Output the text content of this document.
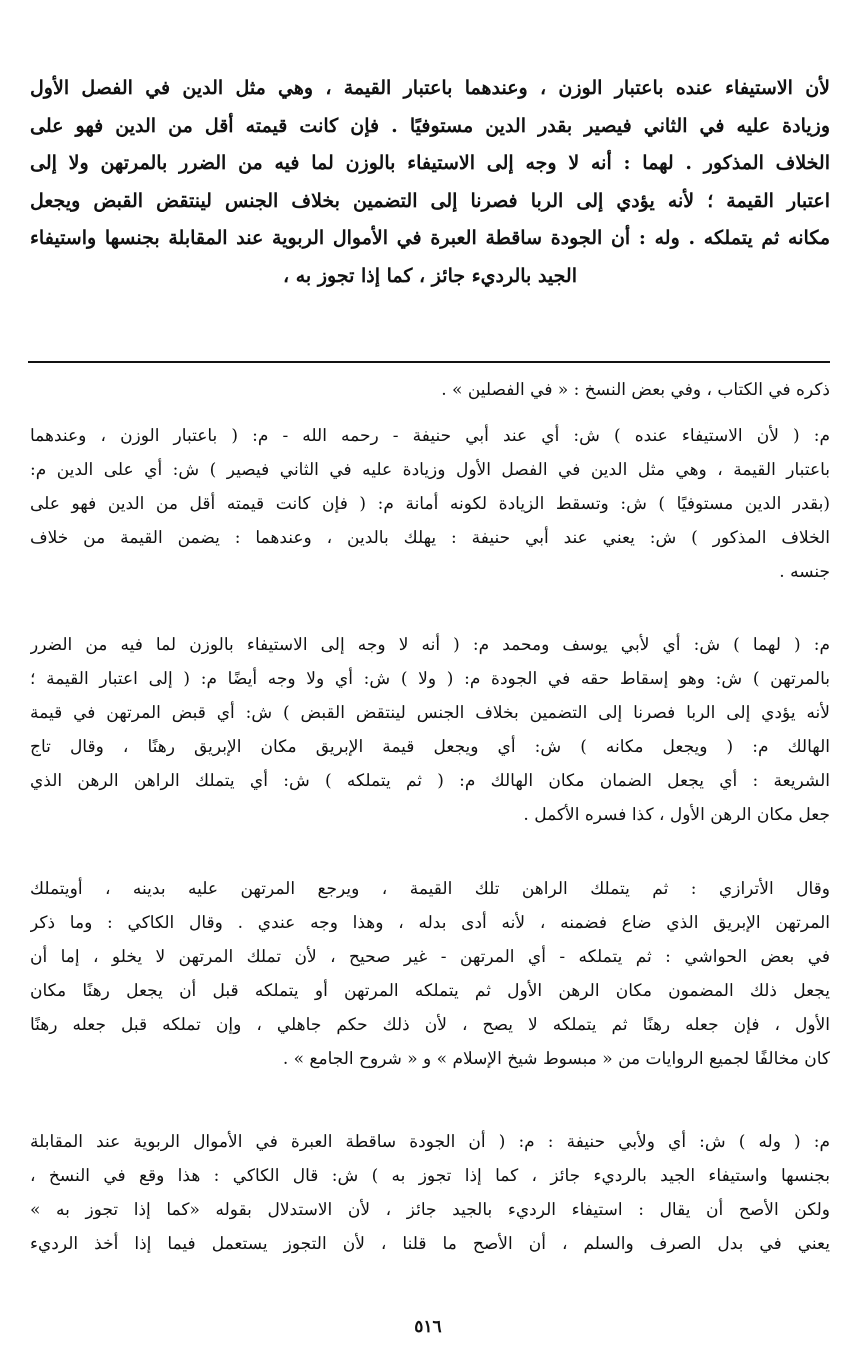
لأن الاستيفاء عنده باعتبار الوزن ، وعندهما باعتبار القيمة ، وهي مثل الدين في الفصل الأول
وزيادة عليه في الثاني فيصير بقدر الدين مستوفيًا . فإن كانت قيمته أقل من الدين فهو على
الخلاف المذكور . لهما : أنه لا وجه إلى الاستيفاء بالوزن لما فيه من الضرر بالمرتهن ولا إلى
اعتبار القيمة ؛ لأنه يؤدي إلى الربا فصرنا إلى التضمين بخلاف الجنس لينتقض القبض ويجعل
مكانه ثم يتملكه . وله : أن الجودة ساقطة العبرة في الأموال الربوية عند المقابلة بجنسها واستيفاء
الجيد بالرديء جائز ، كما إذا تجوز به ،
ذكره في الكتاب ، وفي بعض النسخ : « في الفصلين » .
م: ( لأن الاستيفاء عنده ) ش: أي عند أبي حنيفة - رحمه الله - م: ( باعتبار الوزن ، وعندهما
باعتبار القيمة ، وهي مثل الدين في الفصل الأول وزيادة عليه في الثاني فيصير ) ش: أي على الدين م:
(بقدر الدين مستوفيًا ) ش: وتسقط الزيادة لكونه أمانة م: ( فإن كانت قيمته أقل من الدين فهو على
الخلاف المذكور ) ش: يعني عند أبي حنيفة : يهلك بالدين ، وعندهما : يضمن القيمة من خلاف
جنسه .
م: ( لهما ) ش: أي لأبي يوسف ومحمد م: ( أنه لا وجه إلى الاستيفاء بالوزن لما فيه من الضرر
بالمرتهن ) ش: وهو إسقاط حقه في الجودة م: ( ولا ) ش: أي ولا وجه أيضًا م: ( إلى اعتبار القيمة ؛
لأنه يؤدي إلى الربا فصرنا إلى التضمين بخلاف الجنس لينتقض القبض ) ش: أي قبض المرتهن في قيمة
الهالك م: ( ويجعل مكانه ) ش: أي ويجعل قيمة الإبريق مكان الإبريق رهنًا ، وقال تاج
الشريعة : أي يجعل الضمان مكان الهالك م: ( ثم يتملكه ) ش: أي يتملك الراهن الرهن الذي
جعل مكان الرهن الأول ، كذا فسره الأكمل .
وقال الأترازي : ثم يتملك الراهن تلك القيمة ، ويرجع المرتهن عليه بدينه ، أويتملك
المرتهن الإبريق الذي ضاع فضمنه ، لأنه أدى بدله ، وهذا وجه عندي . وقال الكاكي : وما ذكر
في بعض الحواشي : ثم يتملكه - أي المرتهن - غير صحيح ، لأن تملك المرتهن لا يخلو ، إما أن
يجعل ذلك المضمون مكان الرهن الأول ثم يتملكه المرتهن أو يتملكه قبل أن يجعل رهنًا مكان
الأول ، فإن جعله رهنًا ثم يتملكه لا يصح ، لأن ذلك حكم جاهلي ، وإن تملكه قبل جعله رهنًا
كان مخالفًا لجميع الروايات من « مبسوط شيخ الإسلام » و « شروح الجامع » .
م: ( وله ) ش: أي ولأبي حنيفة : م: ( أن الجودة ساقطة العبرة في الأموال الربوية عند المقابلة
بجنسها واستيفاء الجيد بالرديء جائز ، كما إذا تجوز به ) ش: قال الكاكي : هذا وقع في النسخ ،
ولكن الأصح أن يقال : استيفاء الرديء بالجيد جائز ، لأن الاستدلال بقوله «كما إذا تجوز به »
يعني في بدل الصرف والسلم ، أن الأصح ما قلنا ، لأن التجوز يستعمل فيما إذا أخذ الرديء
٥١٦
